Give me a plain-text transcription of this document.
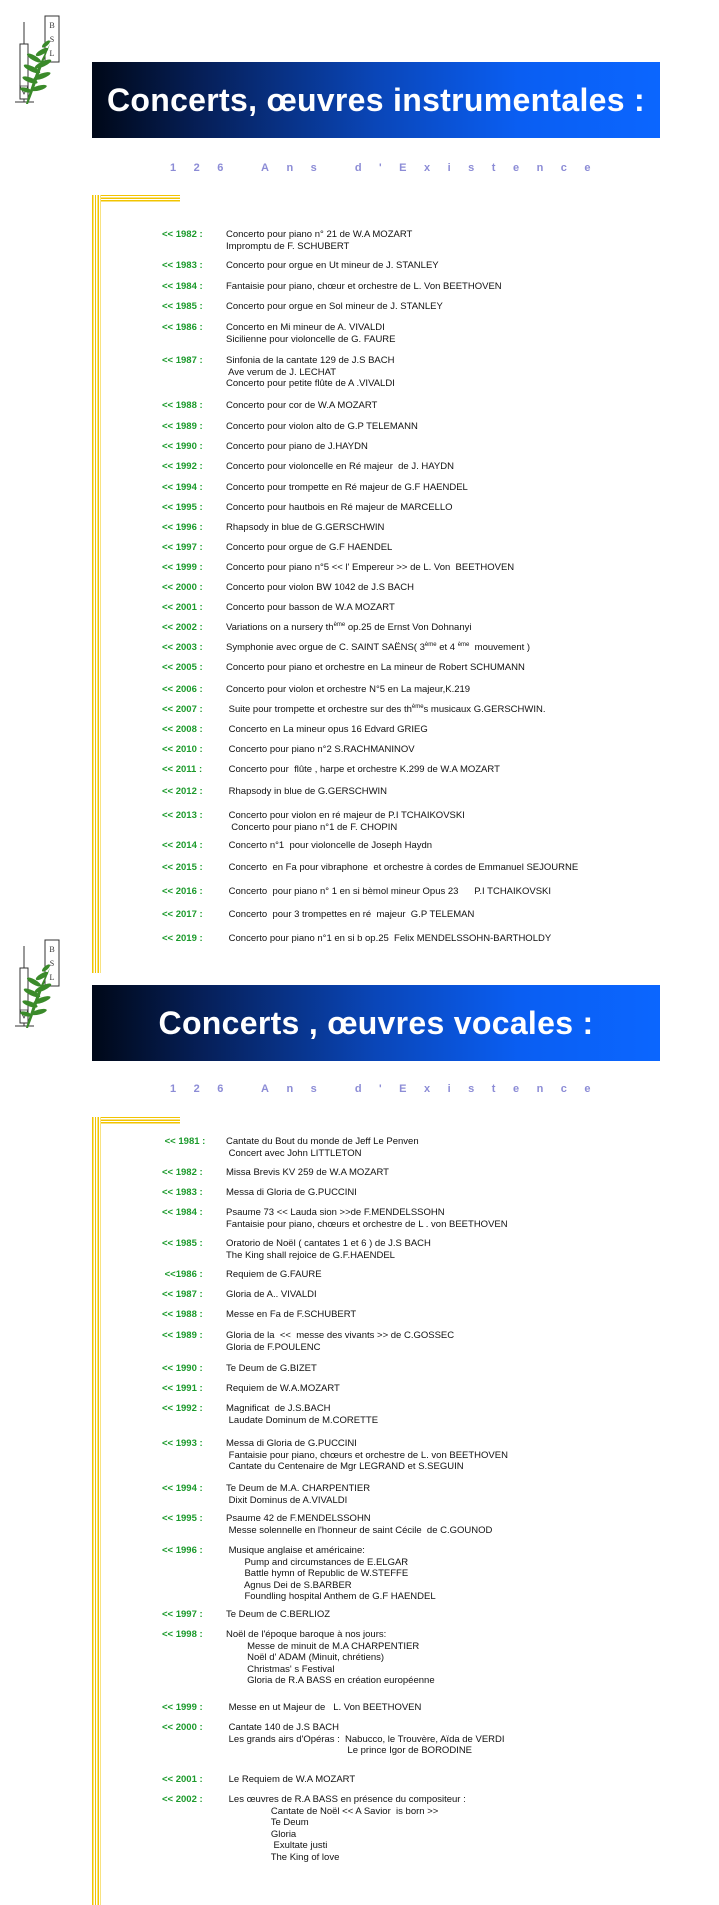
B
S
L
Concerts, œuvres instrumentales :
126 Ans d'Existence
<< 1982 : Concerto pour piano n° 21 de W.A MOZART
Impromptu de F. SCHUBERT
<< 1983 : Concerto pour orgue en Ut mineur de J. STANLEY
<< 1984 : Fantaisie pour piano, chœur et orchestre de L. Von BEETHOVEN
<< 1985 : Concerto pour orgue en Sol mineur de J. STANLEY
<< 1986 : Concerto en Mi mineur de A. VIVALDI
Sicilienne pour violoncelle de G. FAURE
<< 1987 : Sinfonia de la cantate 129 de J.S BACH
Ave verum de J. LECHAT
Concerto pour petite flûte de A .VIVALDI
<< 1988 : Concerto pour cor de W.A MOZART
<< 1989 : Concerto pour violon alto de G.P TELEMANN
<< 1990 : Concerto pour piano de J.HAYDN
<< 1992 : Concerto pour violoncelle en Ré majeur  de J. HAYDN
<< 1994 : Concerto pour trompette en Ré majeur de G.F HAENDEL
<< 1995 : Concerto pour hautbois en Ré majeur de MARCELLO
<< 1996 : Rhapsody in blue de G.GERSCHWIN
<< 1997 : Concerto pour orgue de G.F HAENDEL
<< 1999 : Concerto pour piano n°5 << l' Empereur >> de L. Von  BEETHOVEN
<< 2000 : Concerto pour violon BW 1042 de J.S BACH
<< 2001 : Concerto pour basson de W.A MOZART
<< 2002 : Variations on a nursery $th^{ème}$ op.25 de Ernst Von Dohnanyi
<< 2003 : Symphonie avec orgue de C. SAINT SAËNS( 3ème et 4 $^{ème}$  mouvement )
<< 2005 : Concerto pour piano et orchestre en La mineur de Robert SCHUMANN
<< 2006 : Concerto pour violon et orchestre N°5 en La majeur,K.219
<< 2007 : Suite pour trompette et orchestre sur des $th^{ème}s$ musicaux G.GERSCHWIN.
<< 2008 : Concerto en La mineur opus 16 Edvard GRIEG
<< 2010 : Concerto pour piano n°2 S.RACHMANINOV
<< 2011 :	Concerto pour  flûte , harpe et orchestre K.299 de W.A MOZART
<< 2012 : Rhapsody in blue de G.GERSCHWIN
<< 2013 : Concerto pour violon en ré majeur de P.I TCHAIKOVSKI
Concerto pour piano n°1 de F. CHOPIN
<< 2014 : Concerto n°1  pour violoncelle de Joseph Haydn
<< 2015 : Concerto  en Fa pour vibraphone  et orchestre à cordes de Emmanuel SEJOURNE
<< 2016 : Concerto  pour piano n° 1 en si bèmol mineur Opus 23      P.I TCHAIKOVSKI
<< 2017 : Concerto  pour 3 trompettes en ré  majeur  G.P TELEMAN
<< 2019 : Concerto pour piano n°1 en si b op.25  Felix MENDELSSOHN-BARTHOLDY
B
S
L
Concerts , œuvres vocales :
126 Ans d'Existence
<< 1981 : Cantate du Bout du monde de Jeff Le Penven
Concert avec John LITTLETON
<< 1982 : Missa Brevis KV 259 de W.A MOZART
<< 1983 : Messa di Gloria de G.PUCCINI
<< 1984 : Psaume 73 << Lauda sion >>de F.MENDELSSOHN
Fantaisie pour piano, chœurs et orchestre de L . von BEETHOVEN
<< 1985 : Oratorio de Noël ( cantates 1 et 6 ) de J.S BACH
The King shall rejoice de G.F.HAENDEL
<<1986 : Requiem de G.FAURE
<< 1987 : Gloria de A.. VIVALDI
<< 1988 : Messe en Fa de F.SCHUBERT
<< 1989 : Gloria de la  <<  messe des vivants >> de C.GOSSEC
Gloria de F.POULENC
<< 1990 : Te Deum de G.BIZET
<< 1991 : Requiem de W.A.MOZART
<< 1992 : Magnificat  de J.S.BACH
Laudate Dominum de M.CORETTE
<< 1993 : Messa di Gloria de G.PUCCINI
Fantaisie pour piano, chœurs et orchestre de L. von BEETHOVEN
Cantate du Centenaire de Mgr LEGRAND et S.SEGUIN
<< 1994 : Te Deum de M.A. CHARPENTIER
Dixit Dominus de A.VIVALDI
<< 1995 : Psaume 42 de F.MENDELSSOHN
Messe solennelle en l'honneur de saint Cécile  de C.GOUNOD
<< 1996 : Musique anglaise et américaine:
Pump and circumstances de E.ELGAR
Battle hymn of Republic de W.STEFFE
Agnus Dei de S.BARBER
Foundling hospital Anthem de G.F HAENDEL
<< 1997 : Te Deum de C.BERLIOZ
<< 1998 : Noël de l'époque baroque à nos jours:
Messe de minuit de M.A CHARPENTIER
Noël d' ADAM (Minuit, chrétiens)
Christmas' s Festival
Gloria de R.A BASS en création européenne
<< 1999 : Messe en ut Majeur de   L. Von BEETHOVEN
<< 2000 : Cantate 140 de J.S BACH
Les grands airs d'Opéras :  Nabucco, le Trouvère, Aïda de VERDI
Le prince Igor de BORODINE
<< 2001 : Le Requiem de W.A MOZART
<< 2002 : Les œuvres de R.A BASS en présence du compositeur :
Cantate de Noël << A Savior  is born >>
Te Deum
Gloria
Exultate justi
The King of love
